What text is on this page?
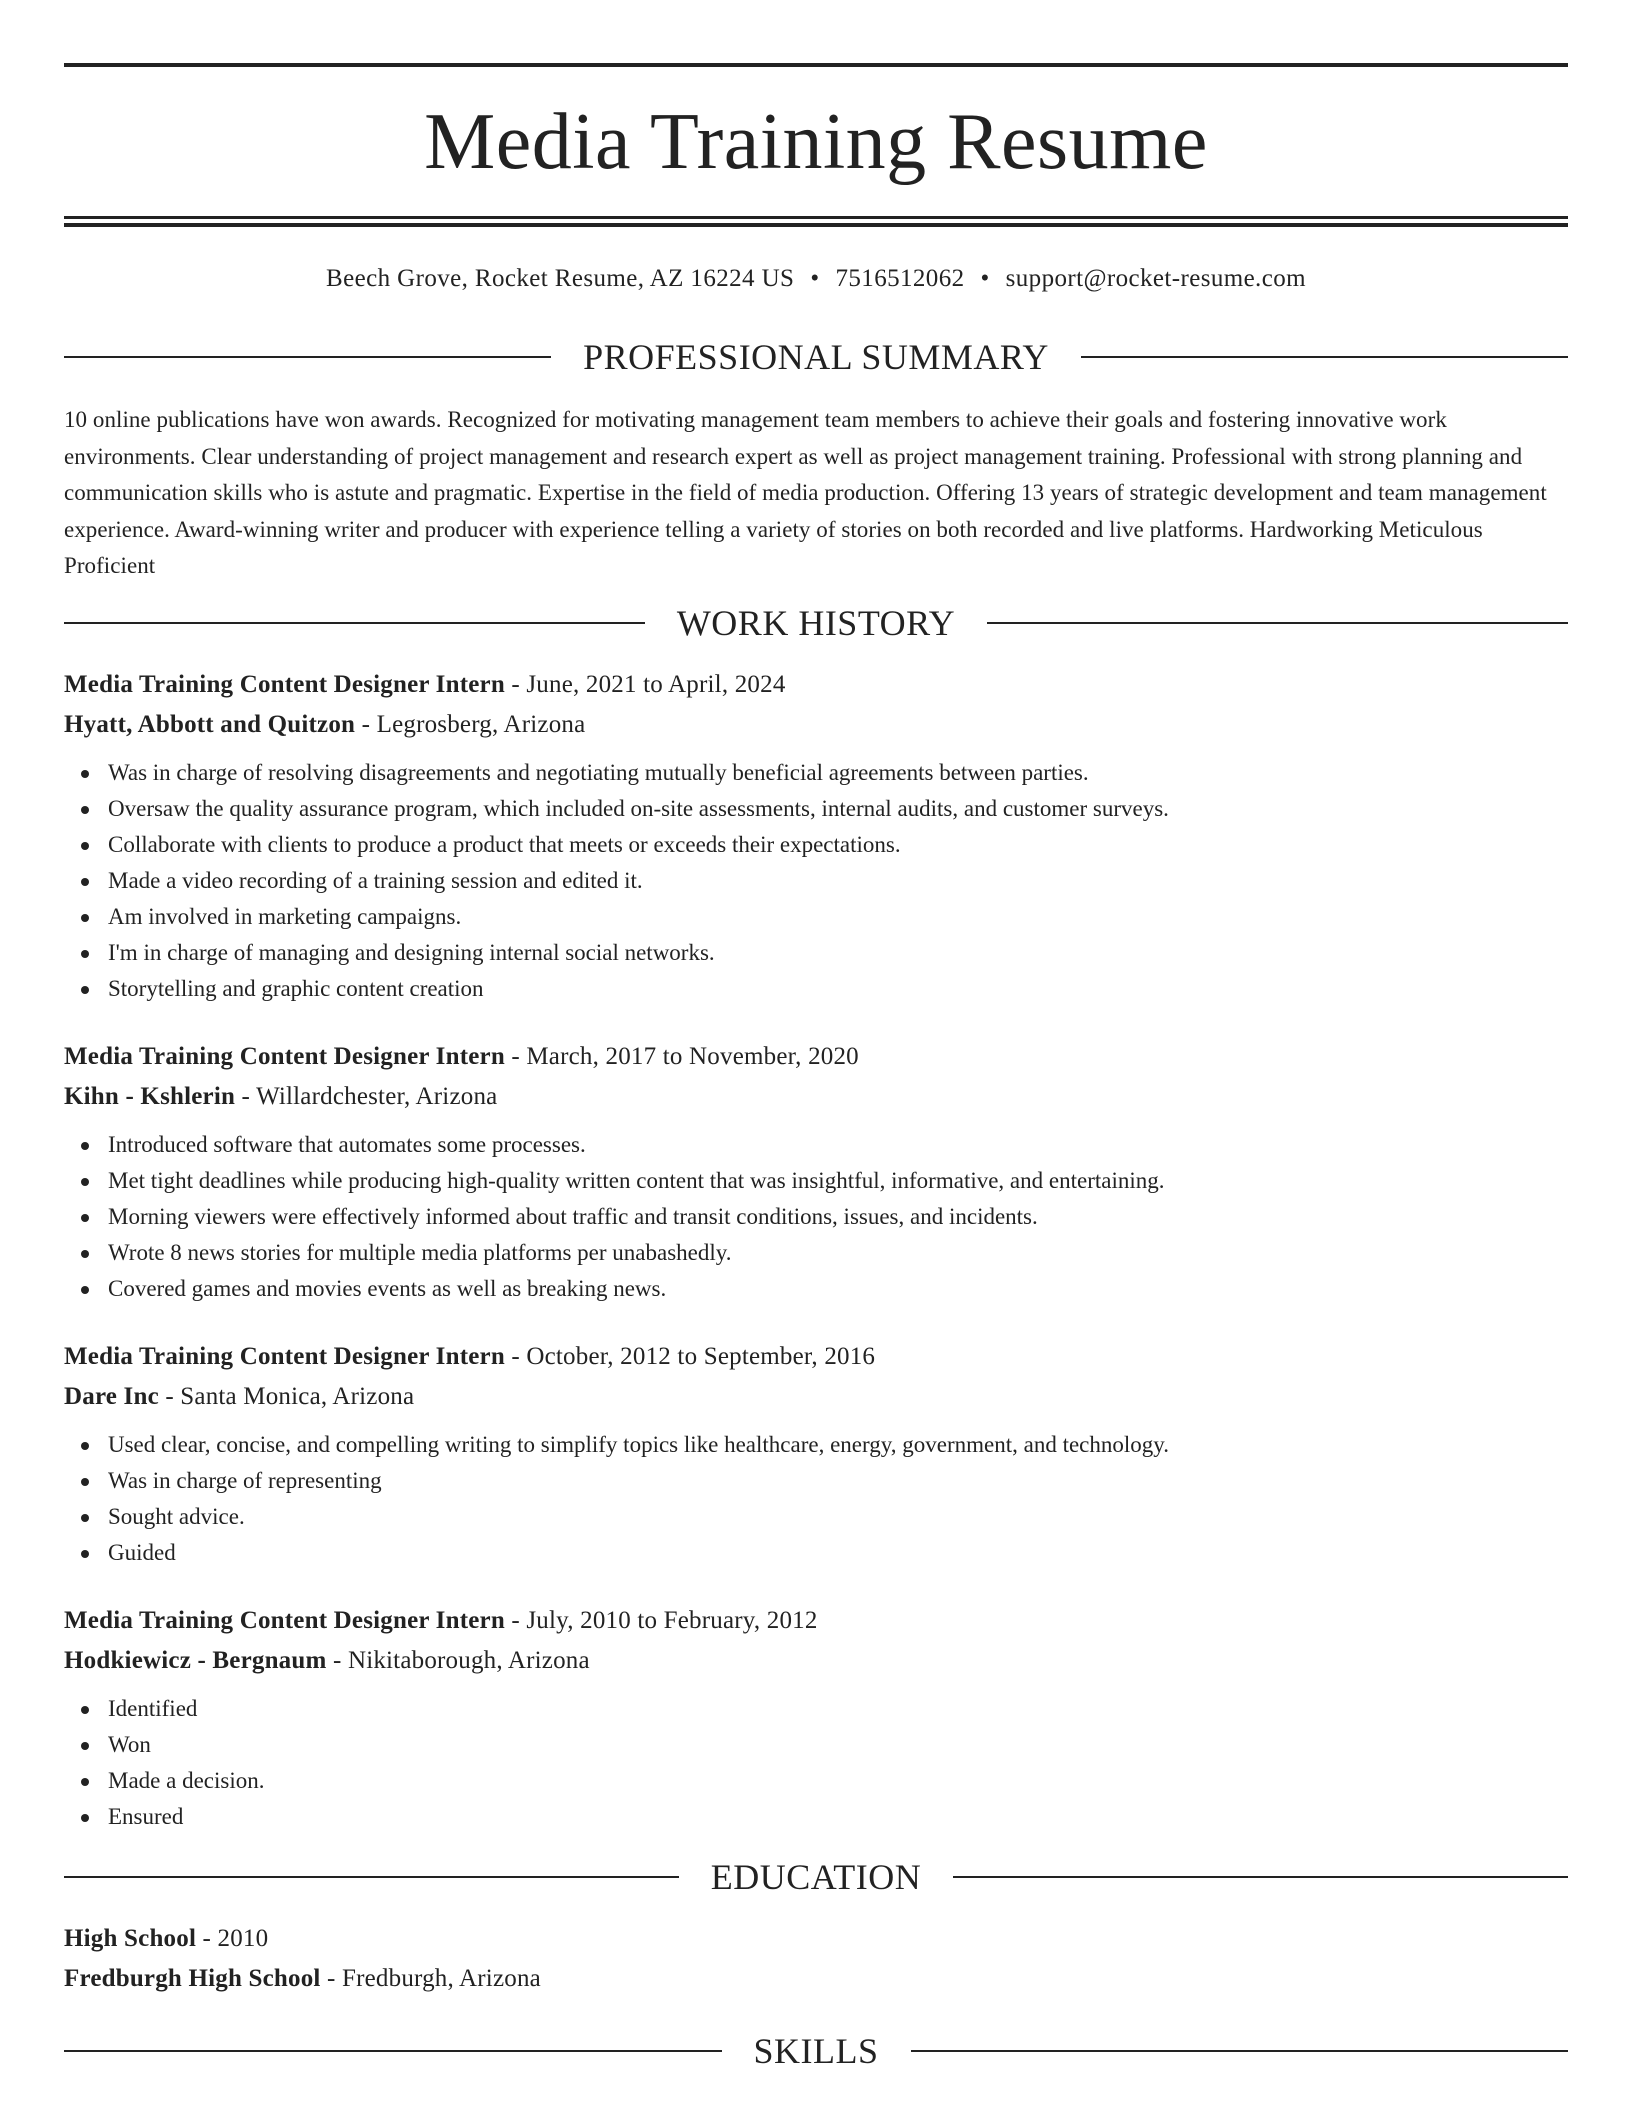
Media Training Resume
Beech Grove, Rocket Resume, AZ 16224 US • 7516512062 • support@rocket-resume.com
PROFESSIONAL SUMMARY

10 online publications have won awards. Recognized for motivating management team members to achieve their goals and fostering innovative work environments. Clear understanding of project management and research expert as well as project management training. Professional with strong planning and communication skills who is astute and pragmatic. Expertise in the field of media production. Offering 13 years of strategic development and team management experience. Award-winning writer and producer with experience telling a variety of stories on both recorded and live platforms. Hardworking Meticulous Proficient

WORK HISTORY
Media Training Content Designer Intern - June, 2021 to April, 2024
Hyatt, Abbott and Quitzon - Legrosberg, Arizona
Was in charge of resolving disagreements and negotiating mutually beneficial agreements between parties.
Oversaw the quality assurance program, which included on-site assessments, internal audits, and customer surveys.
Collaborate with clients to produce a product that meets or exceeds their expectations.
Made a video recording of a training session and edited it.
Am involved in marketing campaigns.
I'm in charge of managing and designing internal social networks.
Storytelling and graphic content creation
Media Training Content Designer Intern - March, 2017 to November, 2020
Kihn - Kshlerin - Willardchester, Arizona
Introduced software that automates some processes.
Met tight deadlines while producing high-quality written content that was insightful, informative, and entertaining.
Morning viewers were effectively informed about traffic and transit conditions, issues, and incidents.
Wrote 8 news stories for multiple media platforms per unabashedly.
Covered games and movies events as well as breaking news.
Media Training Content Designer Intern - October, 2012 to September, 2016
Dare Inc - Santa Monica, Arizona
Used clear, concise, and compelling writing to simplify topics like healthcare, energy, government, and technology.
Was in charge of representing
Sought advice.
Guided
Media Training Content Designer Intern - July, 2010 to February, 2012
Hodkiewicz - Bergnaum - Nikitaborough, Arizona
Identified
Won
Made a decision.
Ensured
EDUCATION
High School - 2010
Fredburgh High School - Fredburgh, Arizona
SKILLS
